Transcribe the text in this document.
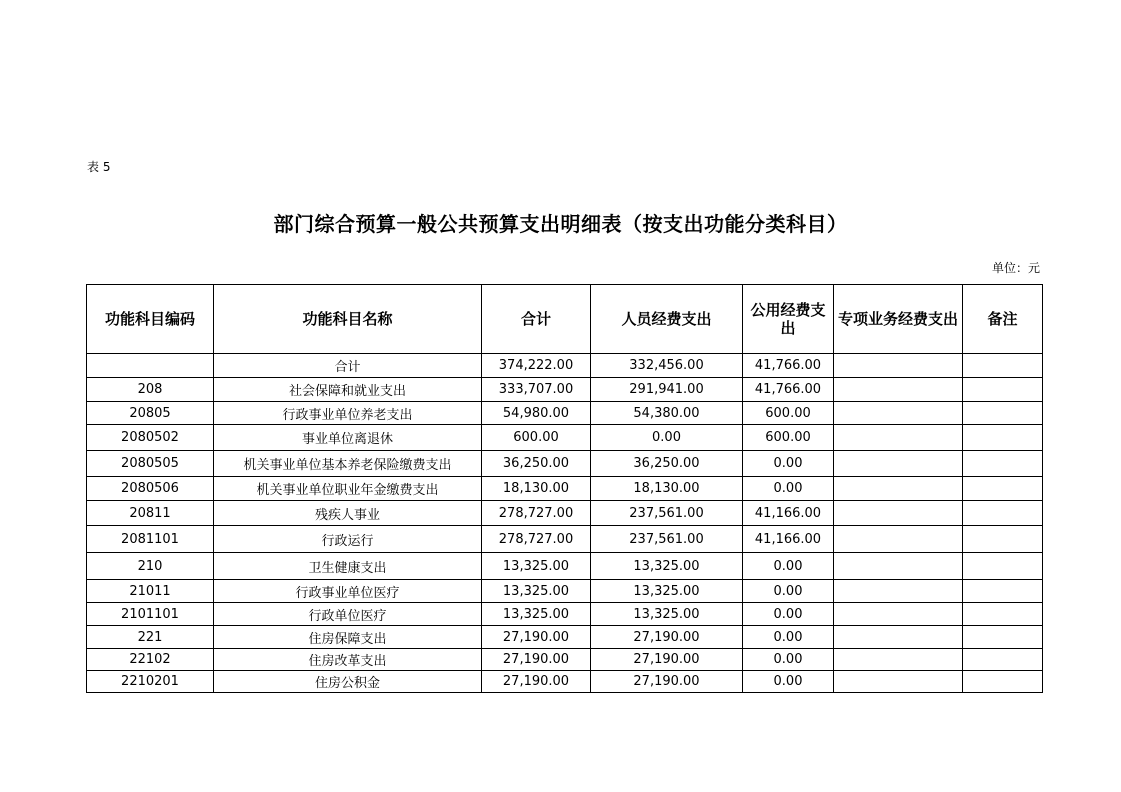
表 5
部门综合预算一般公共预算支出明细表（按支出功能分类科目）
单位：元
功能科目编码	功能科目名称	合计	人员经费支出	公用经费支出	专项业务经费支出	备注
	合计	374,222.00	332,456.00	41,766.00		
208	社会保障和就业支出	333,707.00	291,941.00	41,766.00		
20805	行政事业单位养老支出	54,980.00	54,380.00	600.00		
2080502	事业单位离退休	600.00	0.00	600.00		
2080505	机关事业单位基本养老保险缴费支出	36,250.00	36,250.00	0.00		
2080506	机关事业单位职业年金缴费支出	18,130.00	18,130.00	0.00		
20811	残疾人事业	278,727.00	237,561.00	41,166.00		
2081101	行政运行	278,727.00	237,561.00	41,166.00		
210	卫生健康支出	13,325.00	13,325.00	0.00		
21011	行政事业单位医疗	13,325.00	13,325.00	0.00		
2101101	行政单位医疗	13,325.00	13,325.00	0.00		
221	住房保障支出	27,190.00	27,190.00	0.00		
22102	住房改革支出	27,190.00	27,190.00	0.00		
2210201	住房公积金	27,190.00	27,190.00	0.00		
